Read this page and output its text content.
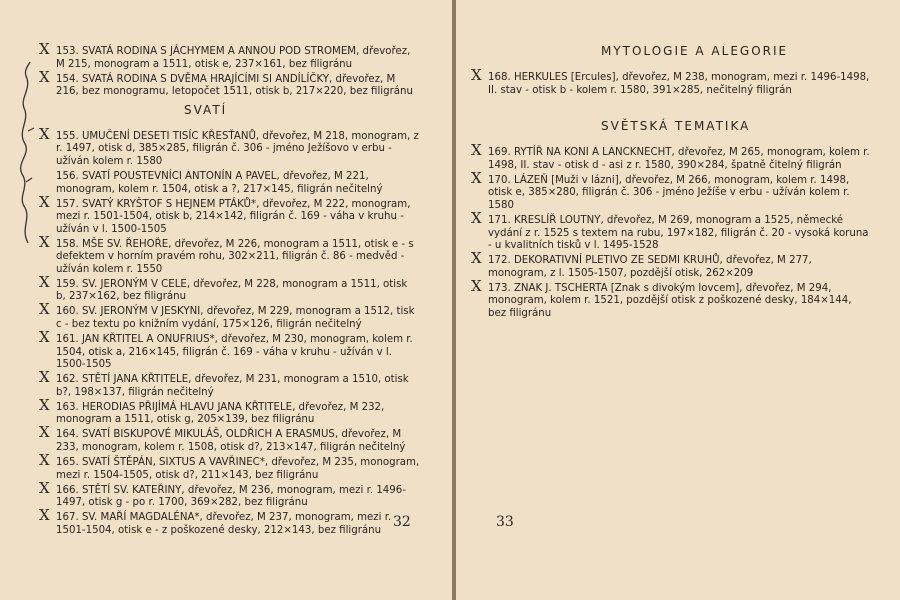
X 153. SVATÁ RODINA S JÁCHYMEM A ANNOU POD STROMEM, dřevořez, M 215, monogram a 1511, otisk e, 237×161, bez filigránu
X 154. SVATÁ RODINA S DVĚMA HRAJÍCÍMI SI ANDÍLÍČKY, dřevořez, M 216, bez monogramu, letopočet 1511, otisk b, 217×220, bez filigránu
SVATÍ
X 155. UMUČENÍ DESETI TISÍC KŘESŤANŮ, dřevořez, M 218, monogram, z r. 1497, otisk d, 385×285, filigrán č. 306 - jméno Ježíšovo v erbu - užíván kolem r. 1580
156. SVATÍ POUSTEVNÍCI ANTONÍN A PAVEL, dřevořez, M 221, monogram, kolem r. 1504, otisk a ?, 217×145, filigrán nečitelný
X 157. SVATÝ KRYŠTOF S HEJNEM PTÁKŮ*, dřevořez, M 222, monogram, mezi r. 1501-1504, otisk b, 214×142, filigrán č. 169 - váha v kruhu - užíván v l. 1500-1505
X 158. MŠE SV. ŘEHOŘE, dřevořez, M 226, monogram a 1511, otisk e - s defektem v horním pravém rohu, 302×211, filigrán č. 86 - medvěd - užíván kolem r. 1550
X 159. SV. JERONÝM V CELE, dřevořez, M 228, monogram a 1511, otisk b, 237×162, bez filigránu
X 160. SV. JERONÝM V JESKYNI, dřevořez, M 229, monogram a 1512, tisk c - bez textu po knižním vydání, 175×126, filigrán nečitelný
X 161. JAN KŘTITEL A ONUFRIUS*, dřevořez, M 230, monogram, kolem r. 1504, otisk a, 216×145, filigrán č. 169 - váha v kruhu - užíván v l. 1500-1505
X 162. STĚTÍ JANA KŘTITELE, dřevořez, M 231, monogram a 1510, otisk b?, 198×137, filigrán nečitelný
X 163. HERODIAS PŘIJÍMÁ HLAVU JANA KŘTITELE, dřevořez, M 232, monogram a 1511, otisk g, 205×139, bez filigránu
X 164. SVATÍ BISKUPOVÉ MIKULÁŠ, OLDŘICH A ERASMUS, dřevořez, M 233, monogram, kolem r. 1508, otisk d?, 213×147, filigrán nečitelný
X 165. SVATÍ ŠTĚPÁN, SIXTUS A VAVŘINEC*, dřevořez, M 235, monogram, mezi r. 1504-1505, otisk d?, 211×143, bez filigránu
X 166. STĚTÍ SV. KATEŘINY, dřevořez, M 236, monogram, mezi r. 1496-1497, otisk g - po r. 1700, 369×282, bez filigránu
X 167. SV. MAŘÍ MAGDALÉNA*, dřevořez, M 237, monogram, mezi r. 1501-1504, otisk e - z poškozené desky, 212×143, bez filigránu
32
MYTOLOGIE A ALEGORIE
X 168. HERKULES [Ercules], dřevořez, M 238, monogram, mezi r. 1496-1498, II. stav - otisk b - kolem r. 1580, 391×285, nečitelný filigrán
SVĚTSKÁ TEMATIKA
X 169. RYTÍŘ NA KONI A LANCKNECHT, dřevořez, M 265, monogram, kolem r. 1498, II. stav - otisk d - asi z r. 1580, 390×284, špatně čitelný filigrán
X 170. LÁZEŇ [Muži v lázni], dřevořez, M 266, monogram, kolem r. 1498, otisk e, 385×280, filigrán č. 306 - jméno Ježíše v erbu - užíván kolem r. 1580
X 171. KRESLÍŘ LOUTNY, dřevořez, M 269, monogram a 1525, německé vydání z r. 1525 s textem na rubu, 197×182, filigrán č. 20 - vysoká koruna - u kvalitních tisků v l. 1495-1528
X 172. DEKORATIVNÍ PLETIVO ZE SEDMI KRUHŮ, dřevořez, M 277, monogram, z l. 1505-1507, pozdější otisk, 262×209
X 173. ZNAK J. TSCHERTA [Znak s divokým lovcem], dřevořez, M 294, monogram, kolem r. 1521, pozdější otisk z poškozené desky, 184×144, bez filigránu
33
